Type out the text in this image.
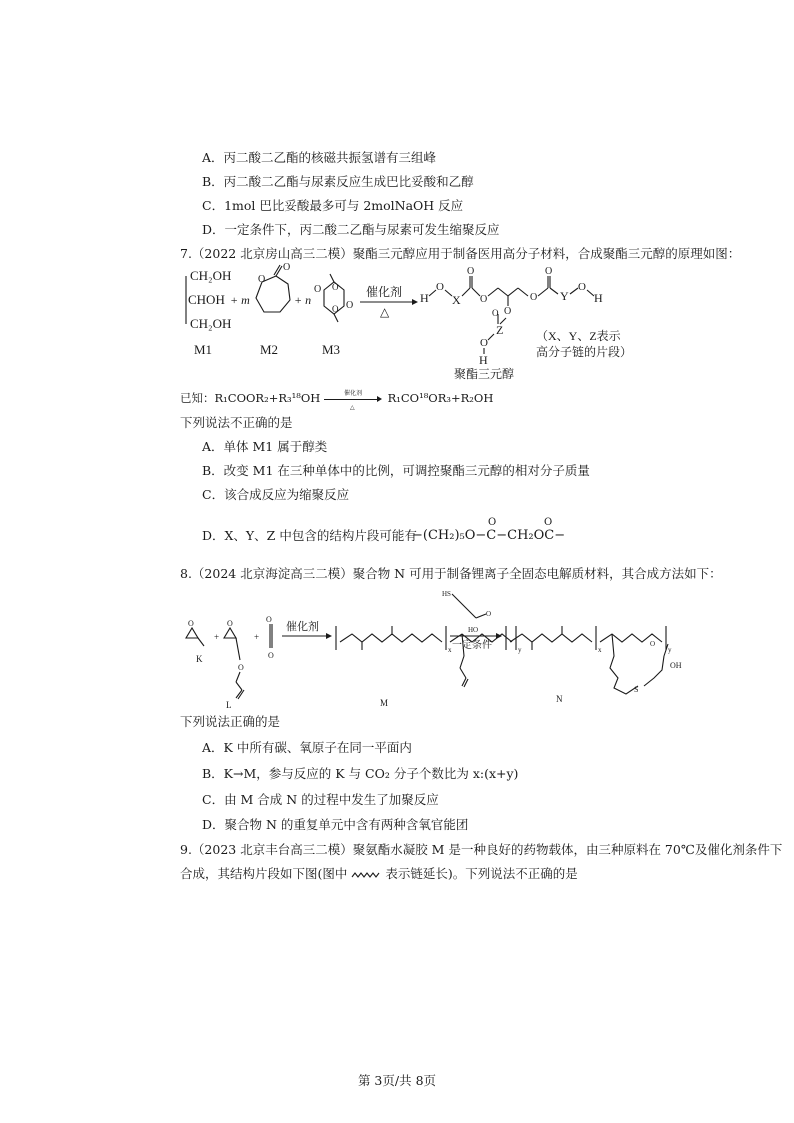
A．丙二酸二乙酯的核磁共振氢谱有三组峰
B．丙二酸二乙酯与尿素反应生成巴比妥酸和乙醇
C．1mol 巴比妥酸最多可与 2molNaOH 反应
D．一定条件下，丙二酸二乙酯与尿素可发生缩聚反应
7.（2022 北京房山高三二模）聚酯三元醇应用于制备医用高分子材料，合成聚酯三元醇的原理如图：
CH₂OH
CHOH
CH₂OH
M1
+ m
O
O
M2
+ n
O
O
O
O
M3
催化剂
△
H
O
X
O
O
O
O
O
Y
O
H
O
Z
O
H
（X、Y、Z表示
高分子链的片段）
聚酯三元醇
已知：R₁COOR₂+R₃¹⁸OH	催化剂
△
R₁CO¹⁸OR₃+R₂OH
下列说法不正确的是
A．单体 M1 属于醇类
B．改变 M1 在三种单体中的比例，可调控聚酯三元醇的相对分子质量
C．该合成反应为缩聚反应
D．X、Y、Z 中包含的结构片段可能有
−(CH₂)₅O−C−CH₂OC−
O	O
8.（2024 北京海淀高三二模）聚合物 N 可用于制备锂离子全固态电解质材料，其合成方法如下：
O
K
+
O
O
L
+
O
O
催化剂
x	y
M
HS
HO
O
一定条件	x
S
O
OH
y
N
下列说法正确的是
A．K 中所有碳、氧原子在同一平面内
B．K→M，参与反应的 K 与 CO₂ 分子个数比为 x:(x+y)
C．由 M 合成 N 的过程中发生了加聚反应
D．聚合物 N 的重复单元中含有两种含氧官能团
9.（2023 北京丰台高三二模）聚氨酯水凝胶 M 是一种良好的药物载体，由三种原料在 70℃及催化剂条件下
合成，其结构片段如下图(图中	表示链延长)。下列说法不正确的是
第 3页/共 8页
